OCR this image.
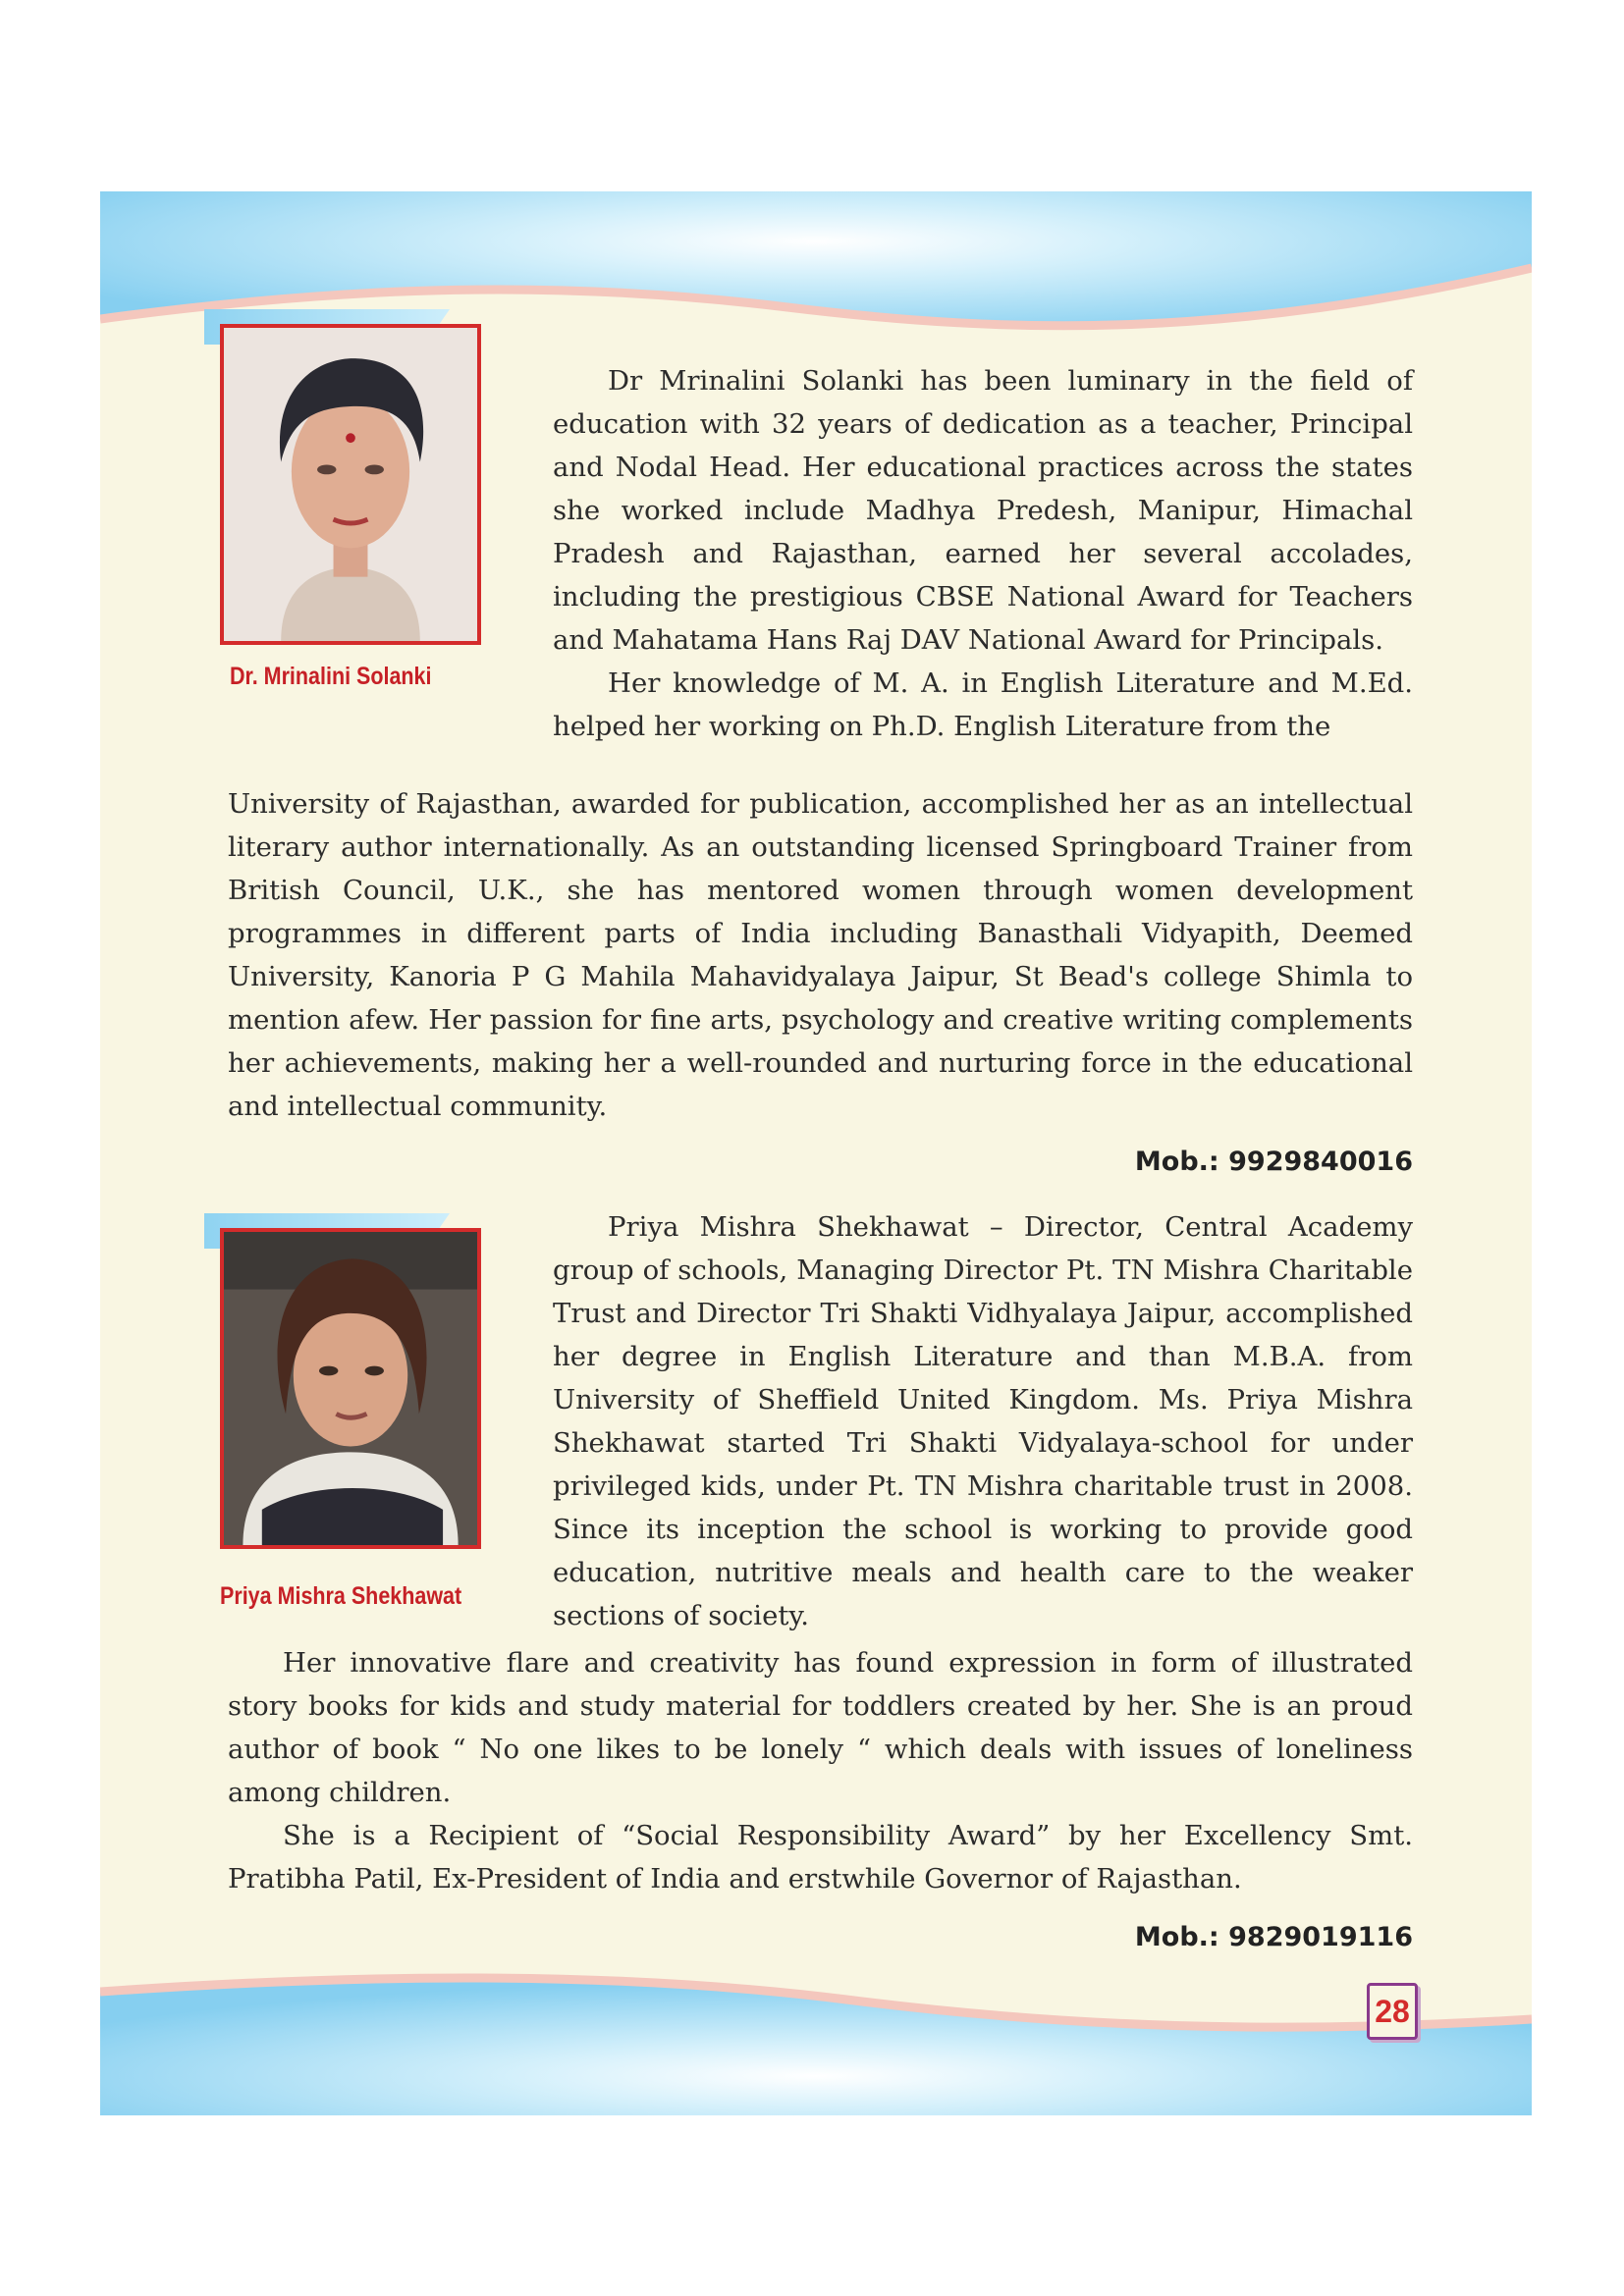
Dr. Mrinalini Solanki

Dr Mrinalini Solanki has been luminary in the field of education with 32 years of dedication as a teacher, Principal and Nodal Head. Her educational practices across the states she worked include Madhya Predesh, Manipur, Himachal Pradesh and Rajasthan, earned her several accolades, including the prestigious CBSE National Award for Teachers and Mahatama Hans Raj DAV National Award for Principals.

Her knowledge of M. A. in English Literature and M.Ed. helped her working on Ph.D. English Literature from the

University of Rajasthan, awarded for publication, accomplished her as an intellectual literary author internationally. As an outstanding licensed Springboard Trainer from British Council, U.K., she has mentored women through women development programmes in different parts of India including Banasthali Vidyapith, Deemed University, Kanoria P G Mahila Mahavidyalaya Jaipur, St Bead's college Shimla to mention afew. Her passion for fine arts, psychology and creative writing complements her achievements, making her a well-rounded and nurturing force in the educational and intellectual community.

Mob.: 9929840016
Priya Mishra Shekhawat

Priya Mishra Shekhawat – Director, Central Academy group of schools, Managing Director Pt. TN Mishra Charitable Trust and Director Tri Shakti Vidhyalaya Jaipur, accomplished her degree in English Literature and than M.B.A. from University of Sheffield United Kingdom. Ms. Priya Mishra Shekhawat started Tri Shakti Vidyalaya-school for under privileged kids, under Pt. TN Mishra charitable trust in 2008. Since its inception the school is working to provide good education, nutritive meals and health care to the weaker sections of society.

Her innovative flare and creativity has found expression in form of illustrated story books for kids and study material for toddlers created by her. She is an proud author of book “ No one likes to be lonely “ which deals with issues of loneliness among children.

She is a Recipient of “Social Responsibility Award” by her Excellency Smt. Pratibha Patil, Ex-President of India and erstwhile Governor of Rajasthan.

Mob.: 9829019116
28
